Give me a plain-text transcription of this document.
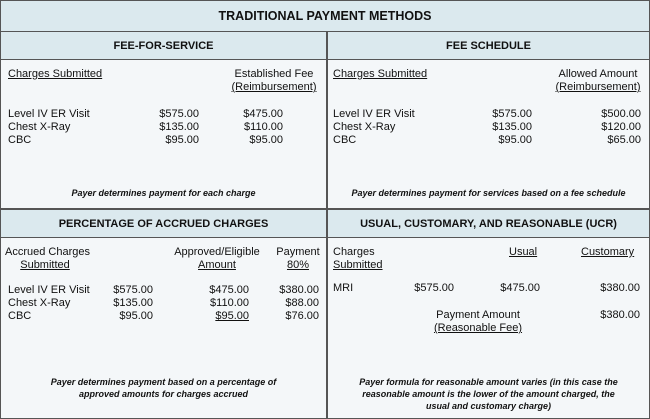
TRADITIONAL PAYMENT METHODS
FEE-FOR-SERVICE
Charges Submitted	Established Fee
(Reimbursement)
Level IV ER Visit	$575.00	$475.00
Chest X-Ray	$135.00	$110.00
CBC	$95.00	$95.00
Payer determines payment for each charge
FEE SCHEDULE
Charges Submitted	Allowed Amount
(Reimbursement)
Level IV ER Visit	$575.00	$500.00
Chest X-Ray	$135.00	$120.00
CBC	$95.00	$65.00
Payer determines payment for services based on a fee schedule
PERCENTAGE OF ACCRUED CHARGES
Accrued Charges
Submitted
Approved/Eligible
Amount
Payment
80%
Level IV ER Visit	$575.00	$475.00	$380.00
Chest X-Ray	$135.00	$110.00	$88.00
CBC	$95.00	$95.00	$76.00
Payer determines payment based on a percentage of
approved amounts for charges accrued
USUAL, CUSTOMARY, AND REASONABLE (UCR)
Charges
Submitted
Usual	Customary
MRI	$575.00	$475.00	$380.00
Payment Amount
(Reasonable Fee)
$380.00
Payer formula for reasonable amount varies (in this case the
reasonable amount is the lower of the amount charged, the
usual and customary charge)
